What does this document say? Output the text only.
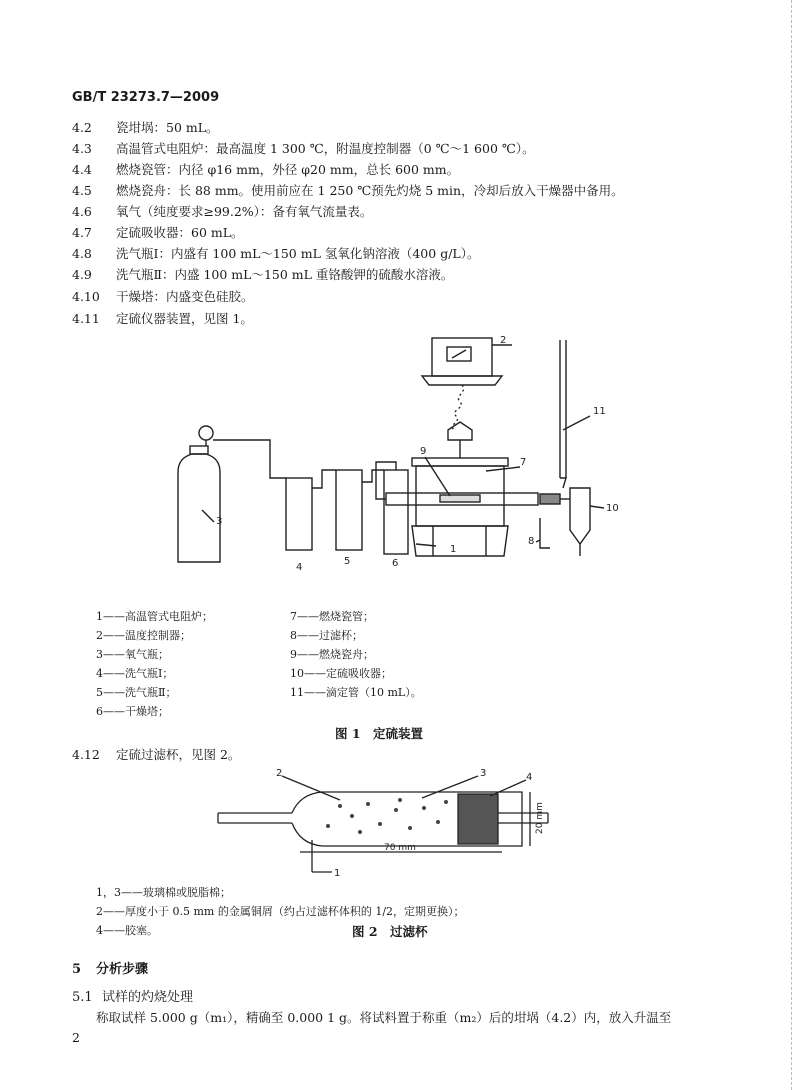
GB/T 23273.7—2009
4.2 瓷坩埚：50 mL。
4.3 高温管式电阻炉：最高温度 1 300 ℃，附温度控制器（0 ℃～1 600 ℃）。
4.4 燃烧瓷管：内径 φ16 mm，外径 φ20 mm，总长 600 mm。
4.5 燃烧瓷舟：长 88 mm。使用前应在 1 250 ℃预先灼烧 5 min，冷却后放入干燥器中备用。
4.6 氧气（纯度要求≥99.2%）：备有氧气流量表。
4.7 定硫吸收器：60 mL。
4.8 洗气瓶Ⅰ：内盛有 100 mL～150 mL 氢氧化钠溶液（400 g/L）。
4.9 洗气瓶Ⅱ：内盛 100 mL～150 mL 重铬酸钾的硫酸水溶液。
4.10 干燥塔：内盛变色硅胶。
4.11 定硫仪器装置，见图 1。
2
11
7
9
10
8
1
3
4
5	6
1——高温管式电阻炉；
2——温度控制器；
3——氧气瓶；
4——洗气瓶Ⅰ；
5——洗气瓶Ⅱ；
6——干燥塔；
7——燃烧瓷管；
8——过滤杯；
9——燃烧瓷舟；
10——定硫吸收器；
11——滴定管（10 mL）。
图 1　定硫装置
4.12 定硫过滤杯，见图 2。
2	3	4
1
70 mm
20 mm
1，3——玻璃棉或脱脂棉；
2——厚度小于 0.5 mm 的金属铜屑（约占过滤杯体积的 1/2，定期更换）；
4——胶塞。	图 2　过滤杯
5 分析步骤
5.1 试样的灼烧处理
称取试样 5.000 g（m₁），精确至 0.000 1 g。将试料置于称重（m₂）后的坩埚（4.2）内，放入升温至
2
